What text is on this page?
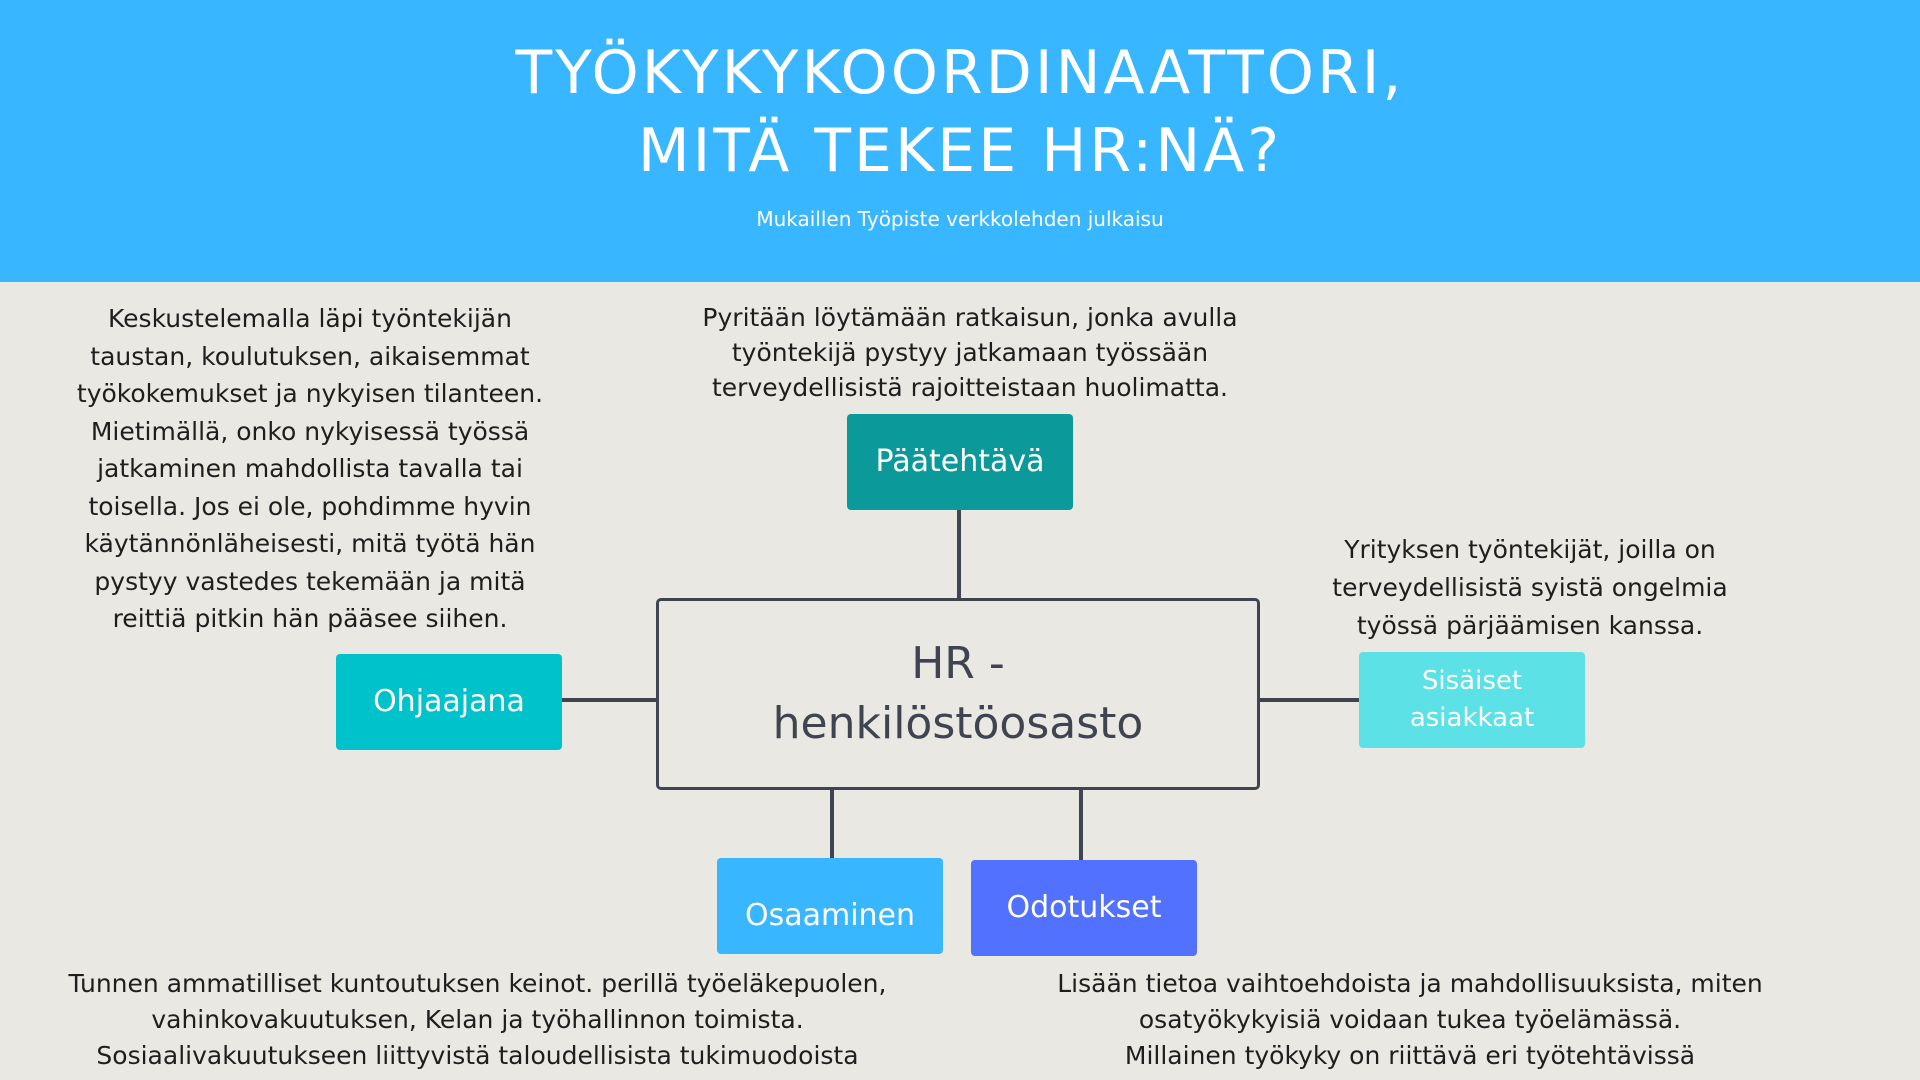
TYÖKYKYKOORDINAATTORI,
MITÄ TEKEE HR:NÄ?

Mukaillen Työpiste verkkolehden julkaisu

HR -
henkilöstöosasto
Päätehtävä
Ohjaajana
Sisäiset
asiakkaat
Osaaminen	Odotukset

Keskustelemalla läpi työntekijän
taustan, koulutuksen, aikaisemmat
työkokemukset ja nykyisen tilanteen.
Mietimällä, onko nykyisessä työssä
jatkaminen mahdollista tavalla tai
toisella. Jos ei ole, pohdimme hyvin
käytännönläheisesti, mitä työtä hän
pystyy vastedes tekemään ja mitä
reittiä pitkin hän pääsee siihen.

Pyritään löytämään ratkaisun, jonka avulla
työntekijä pystyy jatkamaan työssään
terveydellisistä rajoitteistaan huolimatta.

Yrityksen työntekijät, joilla on
terveydellisistä syistä ongelmia
työssä pärjäämisen kanssa.

Tunnen ammatilliset kuntoutuksen keinot. perillä työeläkepuolen,
vahinkovakuutuksen, Kelan ja työhallinnon toimista.
Sosiaalivakuutukseen liittyvistä taloudellisista tukimuodoista

Lisään tietoa vaihtoehdoista ja mahdollisuuksista, miten
osatyökykyisiä voidaan tukea työelämässä.
Millainen työkyky on riittävä eri työtehtävissä
